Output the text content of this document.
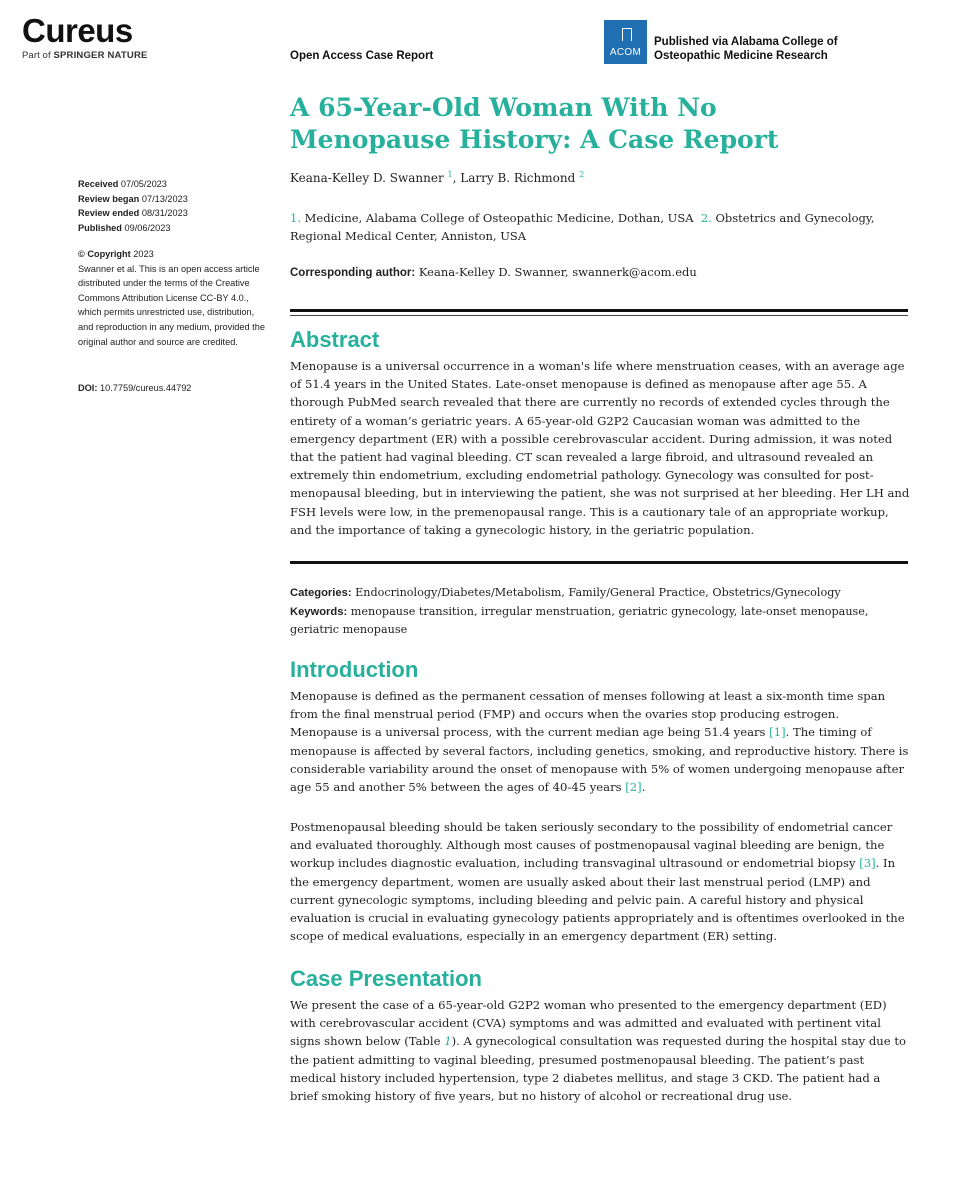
Cureus
Part of SPRINGER NATURE	Open Access Case Report	ACOM
Published via Alabama College of Osteopathic Medicine Research
A 65-Year-Old Woman With No Menopause History: A Case Report
Keana-Kelley D. Swanner $^1$, Larry B. Richmond $^2$
1. Medicine, Alabama College of Osteopathic Medicine, Dothan, USA 2. Obstetrics and Gynecology, Regional Medical Center, Anniston, USA
Corresponding author: Keana-Kelley D. Swanner, swannerk@acom.edu
Received 07/05/2023
Review began 07/13/2023
Review ended 08/31/2023
Published 09/06/2023
© Copyright 2023
Swanner et al. This is an open access article distributed under the terms of the Creative Commons Attribution License CC-BY 4.0., which permits unrestricted use, distribution, and reproduction in any medium, provided the original author and source are credited.
DOI: 10.7759/cureus.44792
Abstract

Menopause is a universal occurrence in a woman's life where menstruation ceases, with an average age of 51.4 years in the United States. Late-onset menopause is defined as menopause after age 55. A thorough PubMed search revealed that there are currently no records of extended cycles through the entirety of a woman’s geriatric years. A 65-year-old G2P2 Caucasian woman was admitted to the emergency department (ER) with a possible cerebrovascular accident. During admission, it was noted that the patient had vaginal bleeding. CT scan revealed a large fibroid, and ultrasound revealed an extremely thin endometrium, excluding endometrial pathology. Gynecology was consulted for post-menopausal bleeding, but in interviewing the patient, she was not surprised at her bleeding. Her LH and FSH levels were low, in the premenopausal range. This is a cautionary tale of an appropriate workup, and the importance of taking a gynecologic history, in the geriatric population.

Categories: Endocrinology/Diabetes/Metabolism, Family/General Practice, Obstetrics/Gynecology
Keywords: menopause transition, irregular menstruation, geriatric gynecology, late-onset menopause, geriatric menopause
Introduction

Menopause is defined as the permanent cessation of menses following at least a six-month time span from the final menstrual period (FMP) and occurs when the ovaries stop producing estrogen. Menopause is a universal process, with the current median age being 51.4 years [1]. The timing of menopause is affected by several factors, including genetics, smoking, and reproductive history. There is considerable variability around the onset of menopause with 5% of women undergoing menopause after age 55 and another 5% between the ages of 40-45 years [2].

Postmenopausal bleeding should be taken seriously secondary to the possibility of endometrial cancer and evaluated thoroughly. Although most causes of postmenopausal vaginal bleeding are benign, the workup includes diagnostic evaluation, including transvaginal ultrasound or endometrial biopsy [3]. In the emergency department, women are usually asked about their last menstrual period (LMP) and current gynecologic symptoms, including bleeding and pelvic pain. A careful history and physical evaluation is crucial in evaluating gynecology patients appropriately and is oftentimes overlooked in the scope of medical evaluations, especially in an emergency department (ER) setting.

Case Presentation

We present the case of a 65-year-old G2P2 woman who presented to the emergency department (ED) with cerebrovascular accident (CVA) symptoms and was admitted and evaluated with pertinent vital signs shown below (Table 1). A gynecological consultation was requested during the hospital stay due to the patient admitting to vaginal bleeding, presumed postmenopausal bleeding. The patient’s past medical history included hypertension, type 2 diabetes mellitus, and stage 3 CKD. The patient had a brief smoking history of five years, but no history of alcohol or recreational drug use.
